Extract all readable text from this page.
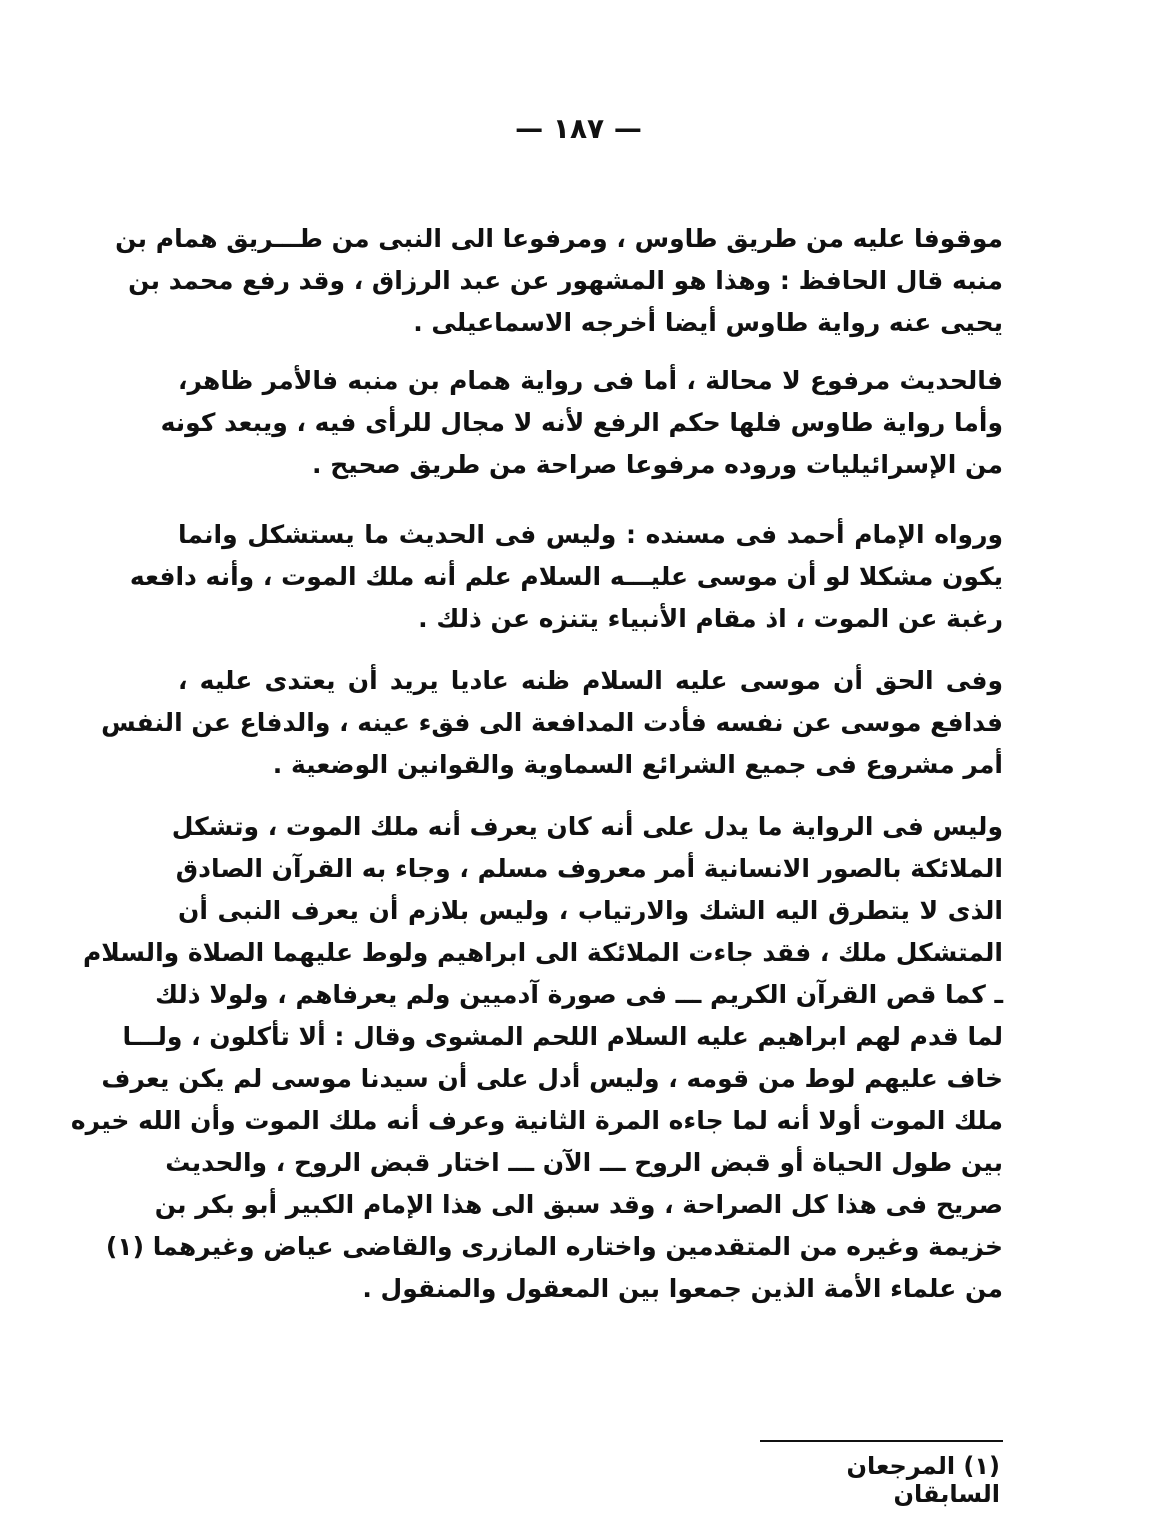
— ١٨٧ —
موقوفا عليه من طريق طاوس ، ومرفوعا الى النبى من طـــريق همام بن
منبه قال الحافظ : وهذا هو المشهور عن عبد الرزاق ، وقد رفع محمد بن
يحيى عنه رواية طاوس أيضا أخرجه الاسماعيلى .
فالحديث مرفوع لا محالة ، أما فى رواية همام بن منبه فالأمر ظاهر،
وأما رواية طاوس فلها حكم الرفع لأنه لا مجال للرأى فيه ، ويبعد كونه
من الإسرائيليات وروده مرفوعا صراحة من طريق صحيح .
ورواه الإمام أحمد فى مسنده : وليس فى الحديث ما يستشكل وانما
يكون مشكلا لو أن موسى عليـــه السلام علم أنه ملك الموت ، وأنه دافعه
رغبة عن الموت ، اذ مقام الأنبياء يتنزه عن ذلك .
وفى الحق أن موسى عليه السلام ظنه عاديا يريد أن يعتدى عليه ،
فدافع موسى عن نفسه فأدت المدافعة الى فقء عينه ، والدفاع عن النفس
أمر مشروع فى جميع الشرائع السماوية والقوانين الوضعية .
وليس فى الرواية ما يدل على أنه كان يعرف أنه ملك الموت ، وتشكل
الملائكة بالصور الانسانية أمر معروف مسلم ، وجاء به القرآن الصادق
الذى لا يتطرق اليه الشك والارتياب ، وليس بلازم أن يعرف النبى أن
المتشكل ملك ، فقد جاءت الملائكة الى ابراهيم ولوط عليهما الصلاة والسلام
ـ كما قص القرآن الكريم ـــ فى صورة آدميين ولم يعرفاهم ، ولولا ذلك
لما قدم لهم ابراهيم عليه السلام اللحم المشوى وقال : ألا تأكلون ، ولـــا
خاف عليهم لوط من قومه ، وليس أدل على أن سيدنا موسى لم يكن يعرف
ملك الموت أولا أنه لما جاءه المرة الثانية وعرف أنه ملك الموت وأن الله خيره
بين طول الحياة أو قبض الروح ـــ الآن ـــ اختار قبض الروح ، والحديث
صريح فى هذا كل الصراحة ، وقد سبق الى هذا الإمام الكبير أبو بكر بن
خزيمة وغيره من المتقدمين واختاره المازرى والقاضى عياض وغيرهما (١)
من علماء الأمة الذين جمعوا بين المعقول والمنقول .
(١) المرجعان السابقان
